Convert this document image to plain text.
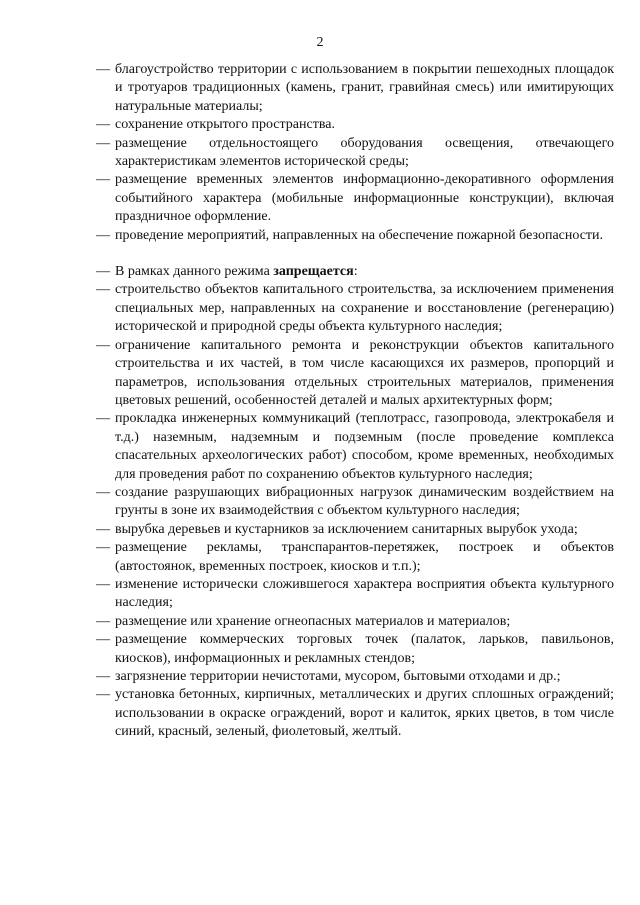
2

— благоустройство территории с использованием в покрытии пешеходных площадок и тротуаров традиционных (камень, гранит, гравийная смесь) или имитирующих натуральные материалы;

— сохранение открытого пространства.

— размещение отдельностоящего оборудования освещения, отвечающего характеристикам элементов исторической среды;

— размещение временных элементов информационно-декоративного оформления событийного характера (мобильные информационные конструкции), включая праздничное оформление.

— проведение мероприятий, направленных на обеспечение пожарной безопасности.

— В рамках данного режима запрещается:

— строительство объектов капитального строительства, за исключением применения специальных мер, направленных на сохранение и восстановление (регенерацию) исторической и природной среды объекта культурного наследия;

— ограничение капитального ремонта и реконструкции объектов капитального строительства и их частей, в том числе касающихся их размеров, пропорций и параметров, использования отдельных строительных материалов, применения цветовых решений, особенностей деталей и малых архитектурных форм;

— прокладка инженерных коммуникаций (теплотрасс, газопровода, электрокабеля и т.д.) наземным, надземным и подземным (после проведение комплекса спасательных археологических работ) способом, кроме временных, необходимых для проведения работ по сохранению объектов культурного наследия;

— создание разрушающих вибрационных нагрузок динамическим воздействием на грунты в зоне их взаимодействия с объектом культурного наследия;

— вырубка деревьев и кустарников за исключением санитарных вырубок ухода;

— размещение рекламы, транспарантов-перетяжек, построек и объектов (автостоянок, временных построек, киосков и т.п.);

— изменение исторически сложившегося характера восприятия объекта культурного наследия;

— размещение или хранение огнеопасных материалов и материалов;

— размещение коммерческих торговых точек (палаток, ларьков, павильонов, киосков), информационных и рекламных стендов;

— загрязнение территории нечистотами, мусором, бытовыми отходами и др.;

— установка бетонных, кирпичных, металлических и других сплошных ограждений; использовании в окраске ограждений, ворот и калиток, ярких цветов, в том числе синий, красный, зеленый, фиолетовый, желтый.
